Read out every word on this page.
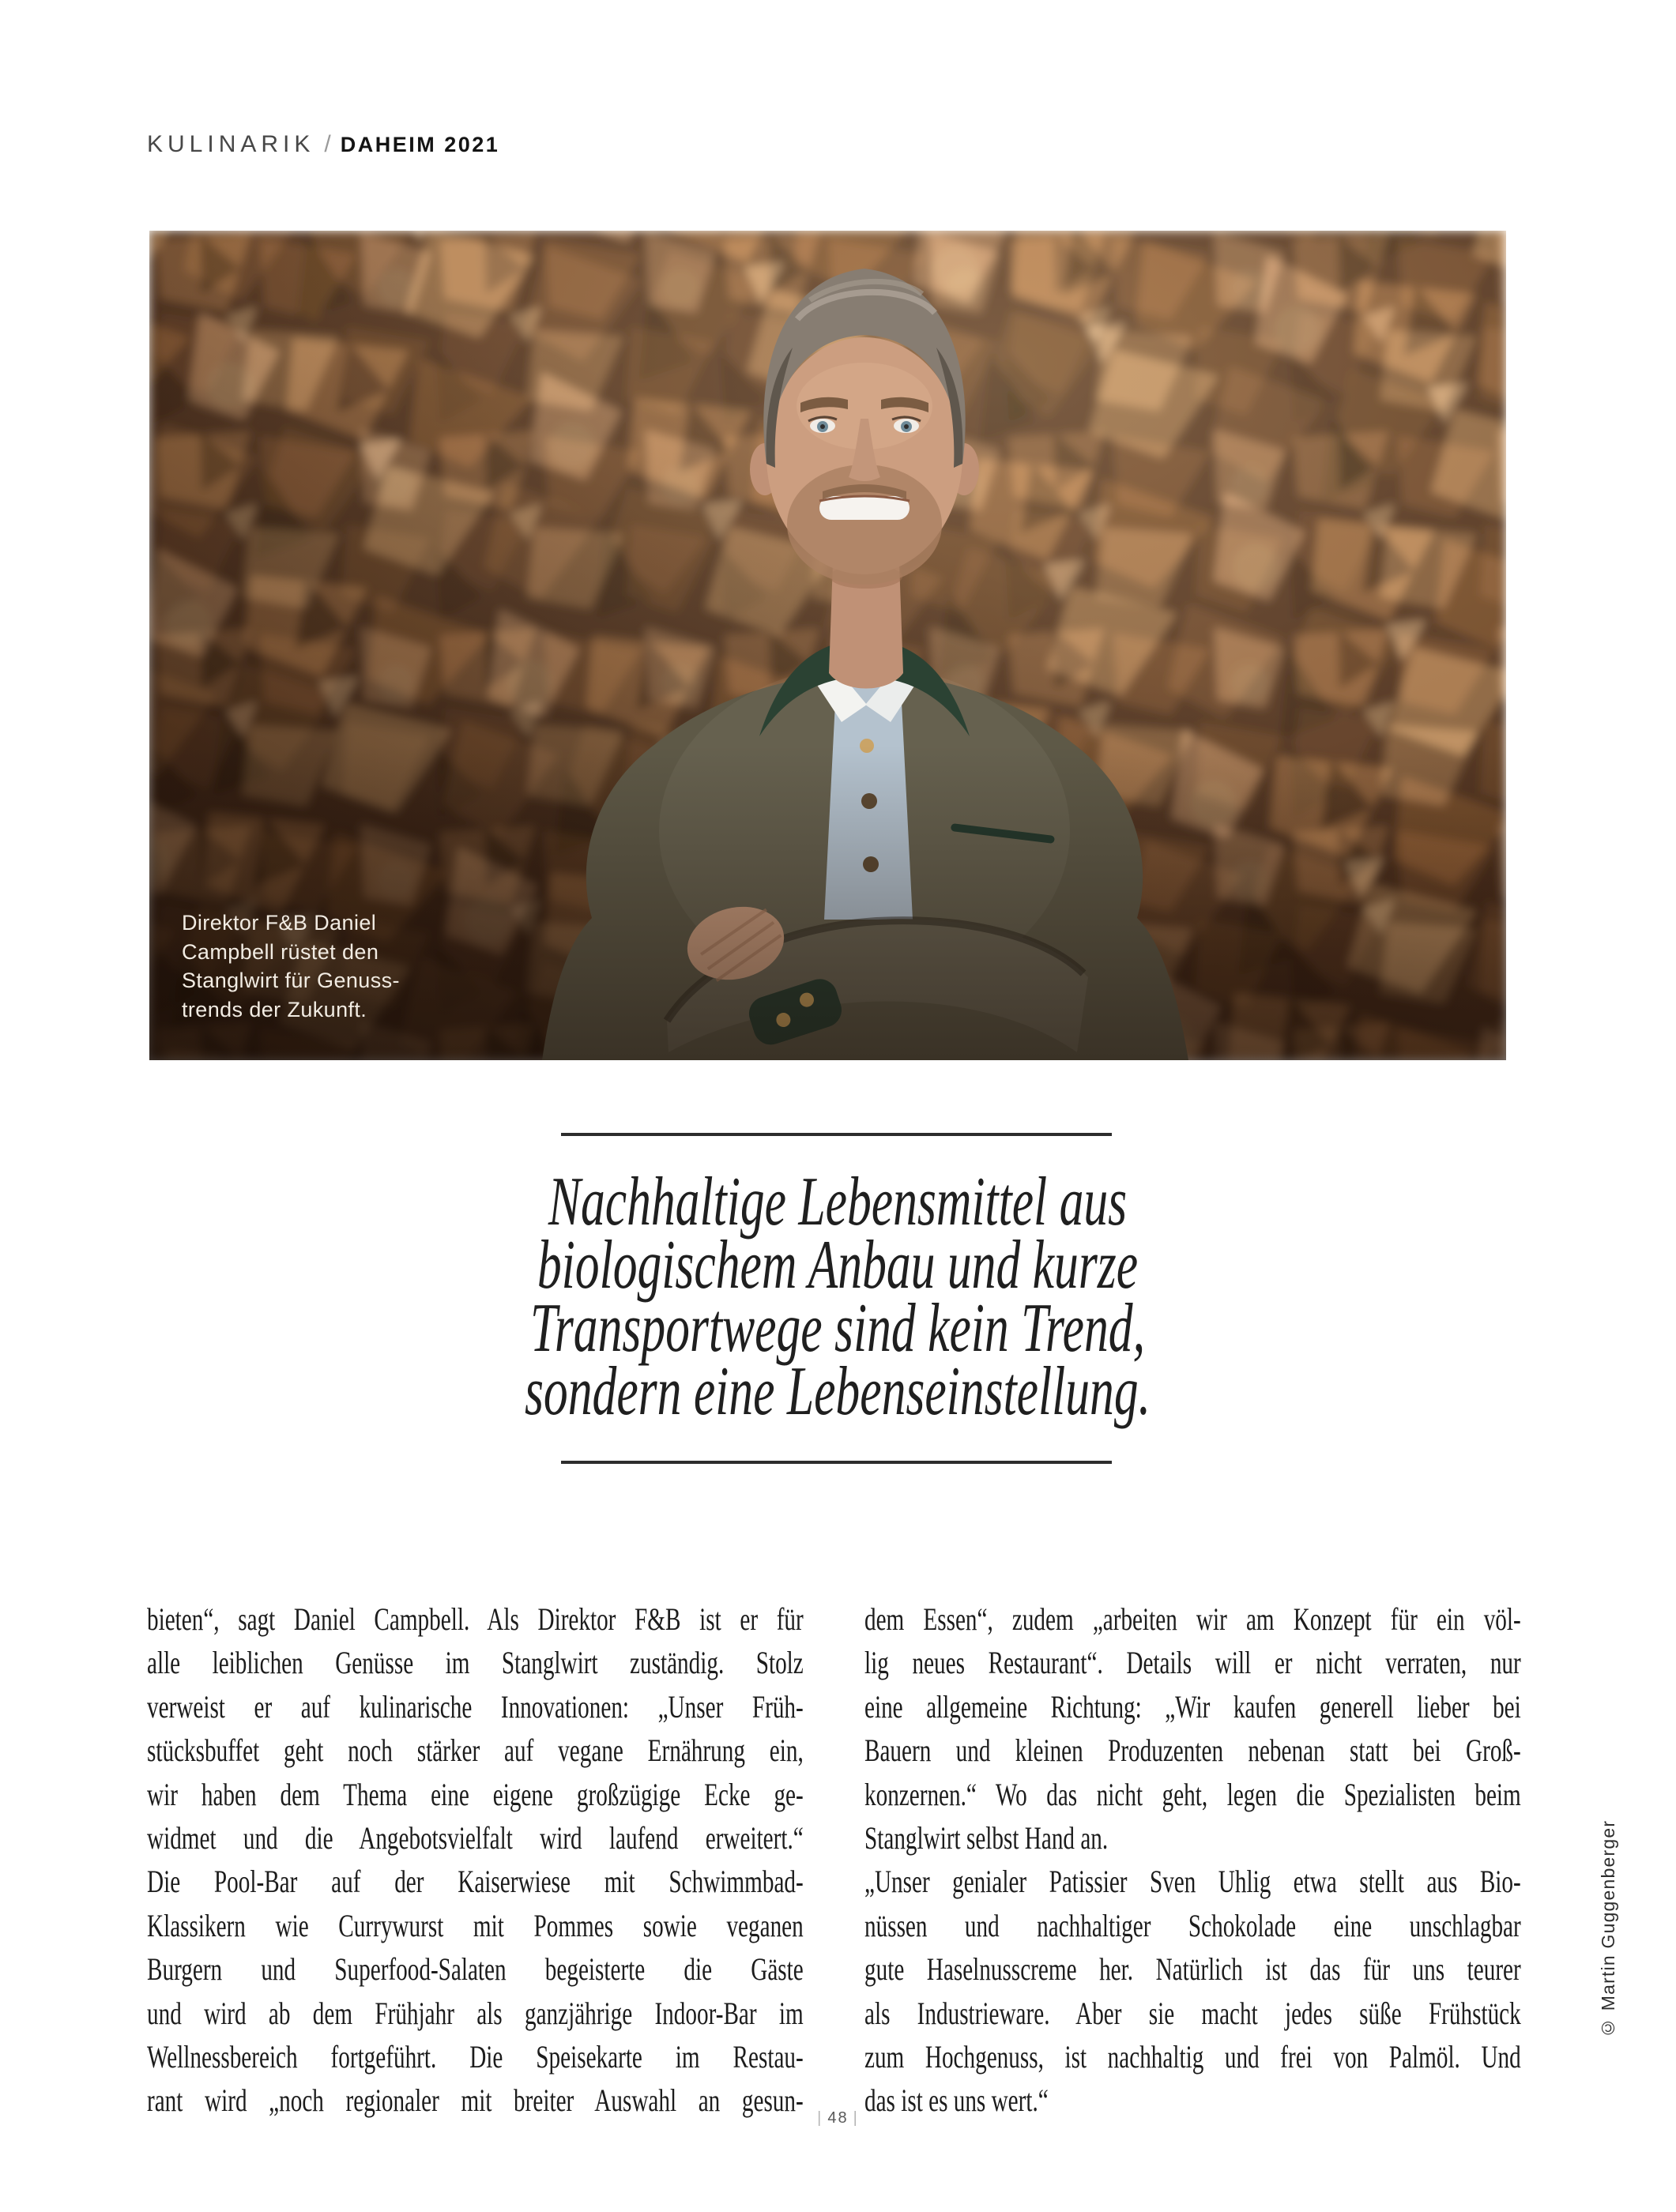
KULINARIK / DAHEIM 2021
Direktor F&B Daniel
Campbell rüstet den
Stanglwirt für Genuss-
trends der Zukunft.
Nachhaltige Lebensmittel aus
biologischem Anbau und kurze
Transportwege sind kein Trend,
sondern eine Lebenseinstellung.
bieten“, sagt Daniel Campbell. Als Direktor F&B ist er für
alle leiblichen Genüsse im Stanglwirt zuständig. Stolz
verweist er auf kulinarische Innovationen: „Unser Früh-
stücksbuffet geht noch stärker auf vegane Ernährung ein,
wir haben dem Thema eine eigene großzügige Ecke ge-
widmet und die Angebotsvielfalt wird laufend erweitert.“
Die Pool-Bar auf der Kaiserwiese mit Schwimmbad-
Klassikern wie Currywurst mit Pommes sowie veganen
Burgern und Superfood-Salaten begeisterte die Gäste
und wird ab dem Frühjahr als ganzjährige Indoor-Bar im
Wellnessbereich fortgeführt. Die Speisekarte im Restau-
rant wird „noch regionaler mit breiter Auswahl an gesun-
dem Essen“, zudem „arbeiten wir am Konzept für ein völ-
lig neues Restaurant“. Details will er nicht verraten, nur
eine allgemeine Richtung: „Wir kaufen generell lieber bei
Bauern und kleinen Produzenten nebenan statt bei Groß-
konzernen.“ Wo das nicht geht, legen die Spezialisten beim
Stanglwirt selbst Hand an.
„Unser genialer Patissier Sven Uhlig etwa stellt aus Bio-
nüssen und nachhaltiger Schokolade eine unschlagbar
gute Haselnusscreme her. Natürlich ist das für uns teurer
als Industrieware. Aber sie macht jedes süße Frühstück
zum Hochgenuss, ist nachhaltig und frei von Palmöl. Und
das ist es uns wert.“
| 48 |
© Martin Guggenberger
